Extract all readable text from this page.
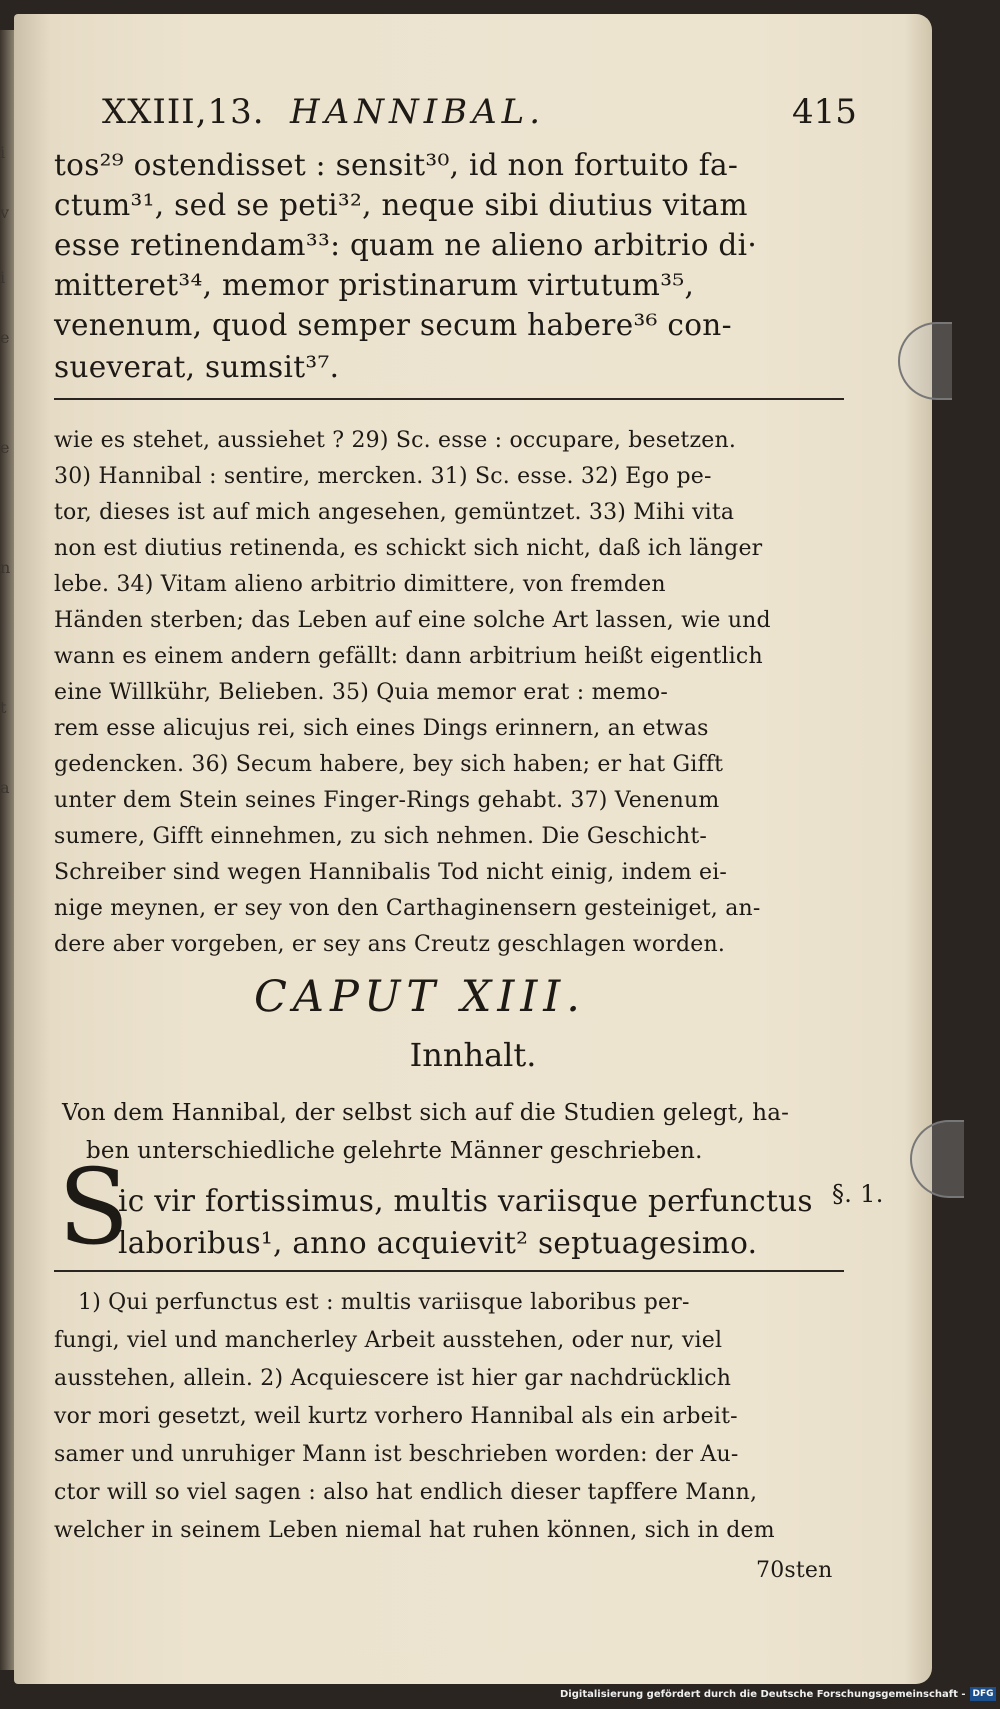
i
v
i
e
e
n
t
a
XXIII,13. HANNIBAL.	415
tos²⁹ ostendisset : sensit³⁰, id non fortuito fa-
ctum³¹, sed se peti³², neque sibi diutius vitam
esse retinendam³³: quam ne alieno arbitrio di·
mitteret³⁴, memor pristinarum virtutum³⁵,
venenum, quod semper secum habere³⁶ con-
sueverat, sumsit³⁷.
wie es stehet, aussiehet ? 29) Sc. esse : occupare, besetzen.
30) Hannibal : sentire, mercken. 31) Sc. esse. 32) Ego pe-
tor, dieses ist auf mich angesehen, gemüntzet. 33) Mihi vita
non est diutius retinenda, es schickt sich nicht, daß ich länger
lebe. 34) Vitam alieno arbitrio dimittere, von fremden
Händen sterben; das Leben auf eine solche Art lassen, wie und
wann es einem andern gefällt: dann arbitrium heißt eigentlich
eine Willkühr, Belieben. 35) Quia memor erat : memo-
rem esse alicujus rei, sich eines Dings erinnern, an etwas
gedencken. 36) Secum habere, bey sich haben; er hat Gifft
unter dem Stein seines Finger-Rings gehabt. 37) Venenum
sumere, Gifft einnehmen, zu sich nehmen. Die Geschicht-
Schreiber sind wegen Hannibalis Tod nicht einig, indem ei-
nige meynen, er sey von den Carthaginensern gesteiniget, an-
dere aber vorgeben, er sey ans Creutz geschlagen worden.
CAPUT XIII.
Innhalt.
Von dem Hannibal, der selbst sich auf die Studien gelegt, ha-
ben unterschiedliche gelehrte Männer geschrieben.
S
ic vir fortissimus, multis variisque perfunctus
laboribus¹, anno acquievit² septuagesimo.
§. 1.
1) Qui perfunctus est : multis variisque laboribus per-
fungi, viel und mancherley Arbeit ausstehen, oder nur, viel
ausstehen, allein. 2) Acquiescere ist hier gar nachdrücklich
vor mori gesetzt, weil kurtz vorhero Hannibal als ein arbeit-
samer und unruhiger Mann ist beschrieben worden: der Au-
ctor will so viel sagen : also hat endlich dieser tapffere Mann,
welcher in seinem Leben niemal hat ruhen können, sich in dem
70sten
Digitalisierung gefördert durch die Deutsche Forschungsgemeinschaft - DFG
